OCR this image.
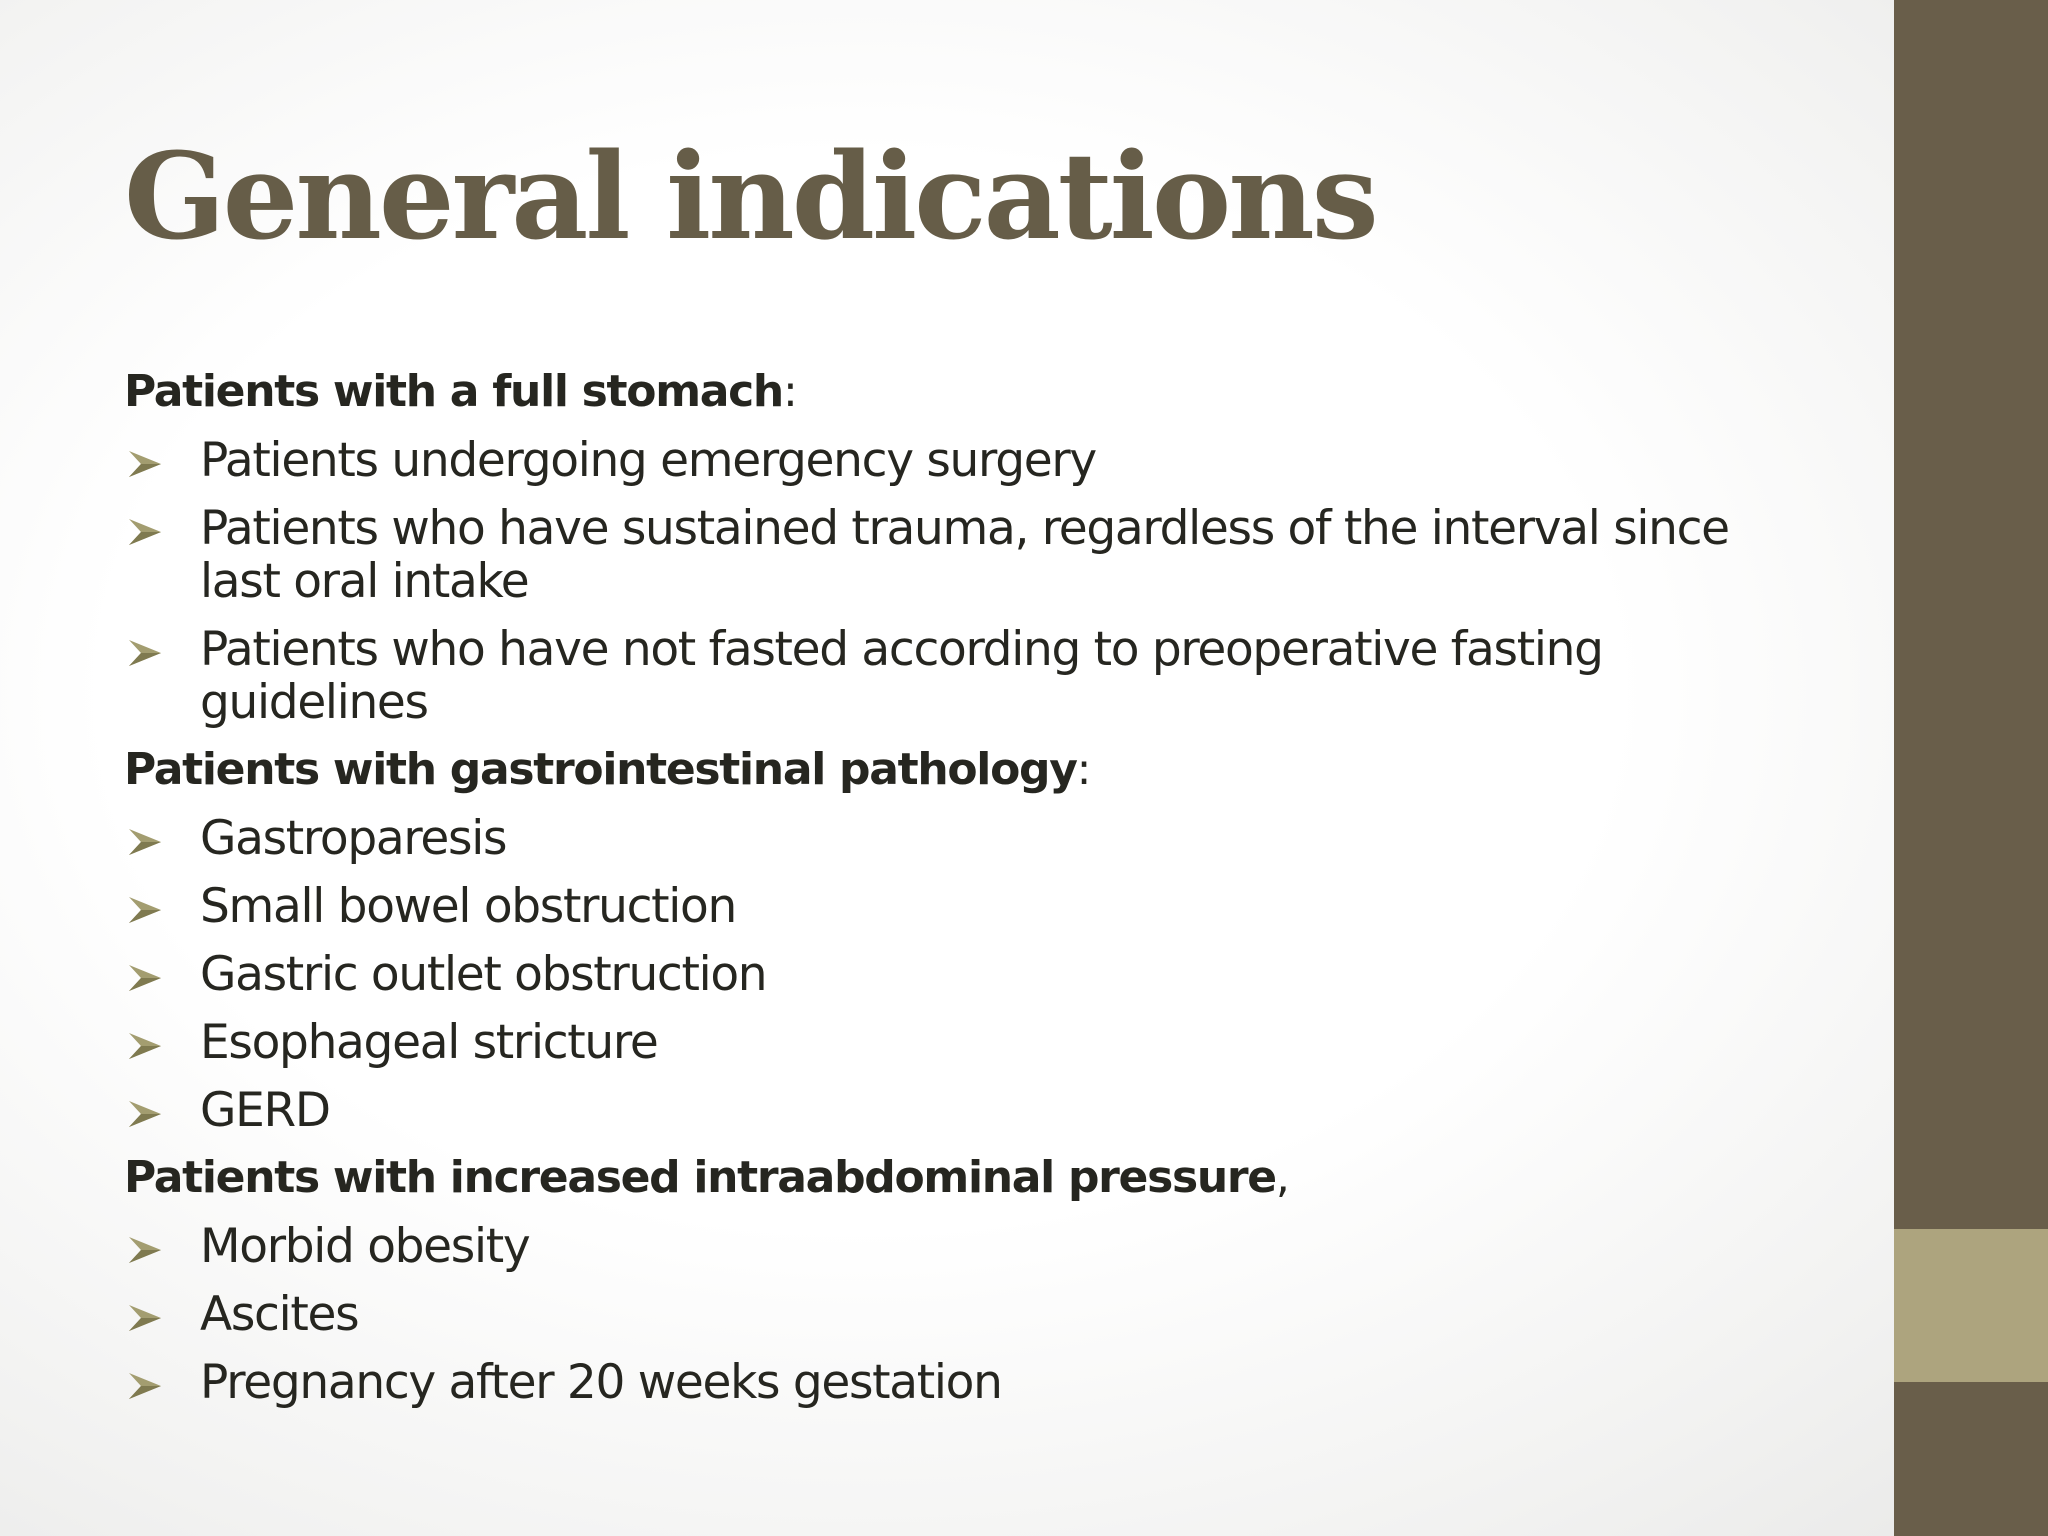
General indications
Patients with a full stomach:
Patients undergoing emergency surgery
Patients who have sustained trauma, regardless of the interval since last oral intake
Patients who have not fasted according to preoperative fasting guidelines
Patients with gastrointestinal pathology:
Gastroparesis
Small bowel obstruction
Gastric outlet obstruction
Esophageal stricture
GERD
Patients with increased intraabdominal pressure,
Morbid obesity
Ascites
Pregnancy after 20 weeks gestation
